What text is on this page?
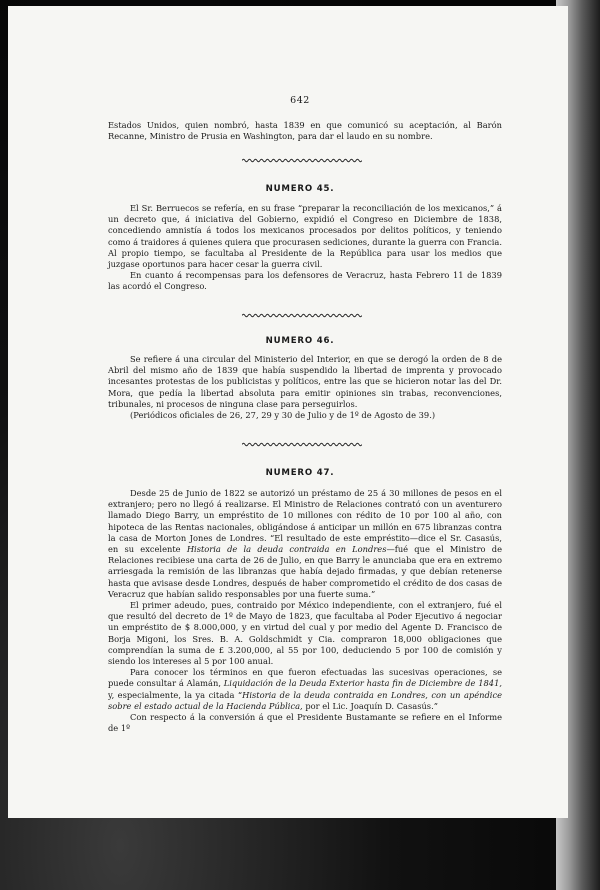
642

Estados Unidos, quien nombró, hasta 1839 en que comunicó su aceptación, al Barón Recanne, Ministro de Prusia en Washington, para dar el laudo en su nombre.

NUMERO 45.

El Sr. Berruecos se refería, en su frase “preparar la reconciliación de los mexicanos,” á un decreto que, á iniciativa del Gobierno, expidió el Congreso en Diciembre de 1838, concediendo amnistía á todos los mexicanos procesados por delitos políticos, y teniendo como á traidores á quienes quiera que procurasen sediciones, durante la guerra con Francia. Al propio tiempo, se facultaba al Presidente de la República para usar los medios que juzgase oportunos para hacer cesar la guerra civil.

En cuanto á recompensas para los defensores de Veracruz, hasta Febrero 11 de 1839 las acordó el Congreso.

NUMERO 46.

Se refiere á una circular del Ministerio del Interior, en que se derogó la orden de 8 de Abril del mismo año de 1839 que había suspendido la libertad de imprenta y provocado incesantes protestas de los publicistas y políticos, entre las que se hicieron notar las del Dr. Mora, que pedía la libertad absoluta para emitir opiniones sin trabas, reconvenciones, tribunales, ni procesos de ninguna clase para perseguirlos.

(Periódicos oficiales de 26, 27, 29 y 30 de Julio y de 1º de Agosto de 39.)

NUMERO 47.

Desde 25 de Junio de 1822 se autorizó un préstamo de 25 á 30 millones de pesos en el extranjero; pero no llegó á realizarse. El Ministro de Relaciones contrató con un aventurero llamado Diego Barry, un empréstito de 10 millones con rédito de 10 por 100 al año, con hipoteca de las Rentas nacionales, obligándose á anticipar un millón en 675 libranzas contra la casa de Morton Jones de Londres. “El resultado de este empréstito—dice el Sr. Casasús, en su excelente Historia de la deuda contraida en Londres—fué que el Ministro de Relaciones recibiese una carta de 26 de Julio, en que Barry le anunciaba que era en extremo arriesgada la remisión de las libranzas que había dejado firmadas, y que debían retenerse hasta que avisase desde Londres, después de haber comprometido el crédito de dos casas de Veracruz que habían salido responsables por una fuerte suma.”

El primer adeudo, pues, contraido por México independiente, con el extranjero, fué el que resultó del decreto de 1º de Mayo de 1823, que facultaba al Poder Ejecutivo á negociar un empréstito de $ 8.000,000, y en virtud del cual y por medio del Agente D. Francisco de Borja Migoni, los Sres. B. A. Goldschmidt y Cia. compraron 18,000 obligaciones que comprendían la suma de £ 3.200,000, al 55 por 100, deduciendo 5 por 100 de comisión y siendo los intereses al 5 por 100 anual.

Para conocer los términos en que fueron efectuadas las sucesivas operaciones, se puede consultar á Alamán, Liquidación de la Deuda Exterior hasta fin de Diciembre de 1841, y, especialmente, la ya citada “Historia de la deuda contraida en Londres, con un apéndice sobre el estado actual de la Hacienda Pública, por el Lic. Joaquín D. Casasús.”

Con respecto á la conversión á que el Presidente Bustamante se refiere en el Informe de 1º
